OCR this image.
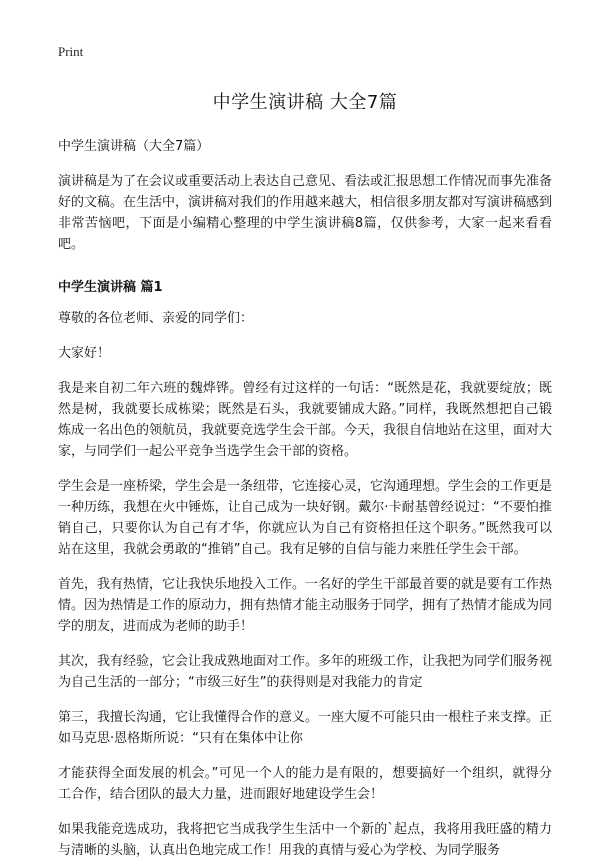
Print
中学生演讲稿 大全7篇

中学生演讲稿（大全7篇）

演讲稿是为了在会议或重要活动上表达自己意见、看法或汇报思想工作情况而事先准备好的文稿。在生活中，演讲稿对我们的作用越来越大，相信很多朋友都对写演讲稿感到非常苦恼吧，下面是小编精心整理的中学生演讲稿8篇，仅供参考，大家一起来看看吧。

中学生演讲稿 篇1

尊敬的各位老师、亲爱的同学们：

大家好！

我是来自初二年六班的魏烨铧。曾经有过这样的一句话：“既然是花，我就要绽放；既然是树，我就要长成栋梁；既然是石头，我就要铺成大路。”同样，我既然想把自己锻炼成一名出色的领航员，我就要竞选学生会干部。今天，我很自信地站在这里，面对大家，与同学们一起公平竞争当选学生会干部的资格。

学生会是一座桥梁，学生会是一条纽带，它连接心灵，它沟通理想。学生会的工作更是一种历练，我想在火中锤炼，让自己成为一块好钢。戴尔·卡耐基曾经说过：“不要怕推销自己，只要你认为自己有才华，你就应认为自己有资格担任这个职务。”既然我可以站在这里，我就会勇敢的“推销”自己。我有足够的自信与能力来胜任学生会干部。

首先，我有热情，它让我快乐地投入工作。一名好的学生干部最首要的就是要有工作热情。因为热情是工作的原动力，拥有热情才能主动服务于同学，拥有了热情才能成为同学的朋友，进而成为老师的助手！

其次，我有经验，它会让我成熟地面对工作。多年的班级工作，让我把为同学们服务视为自己生活的一部分；“市级三好生”的获得则是对我能力的肯定

第三，我擅长沟通，它让我懂得合作的意义。一座大厦不可能只由一根柱子来支撑。正如马克思·恩格斯所说：“只有在集体中让你

才能获得全面发展的机会。”可见一个人的能力是有限的，想要搞好一个组织，就得分工合作，结合团队的最大力量，进而跟好地建设学生会！

如果我能竞选成功，我将把它当成我学生生活中一个新的`起点，我将用我旺盛的精力与清晰的头脑，认真出色地完成工作！用我的真情与爱心为学校、为同学服务
